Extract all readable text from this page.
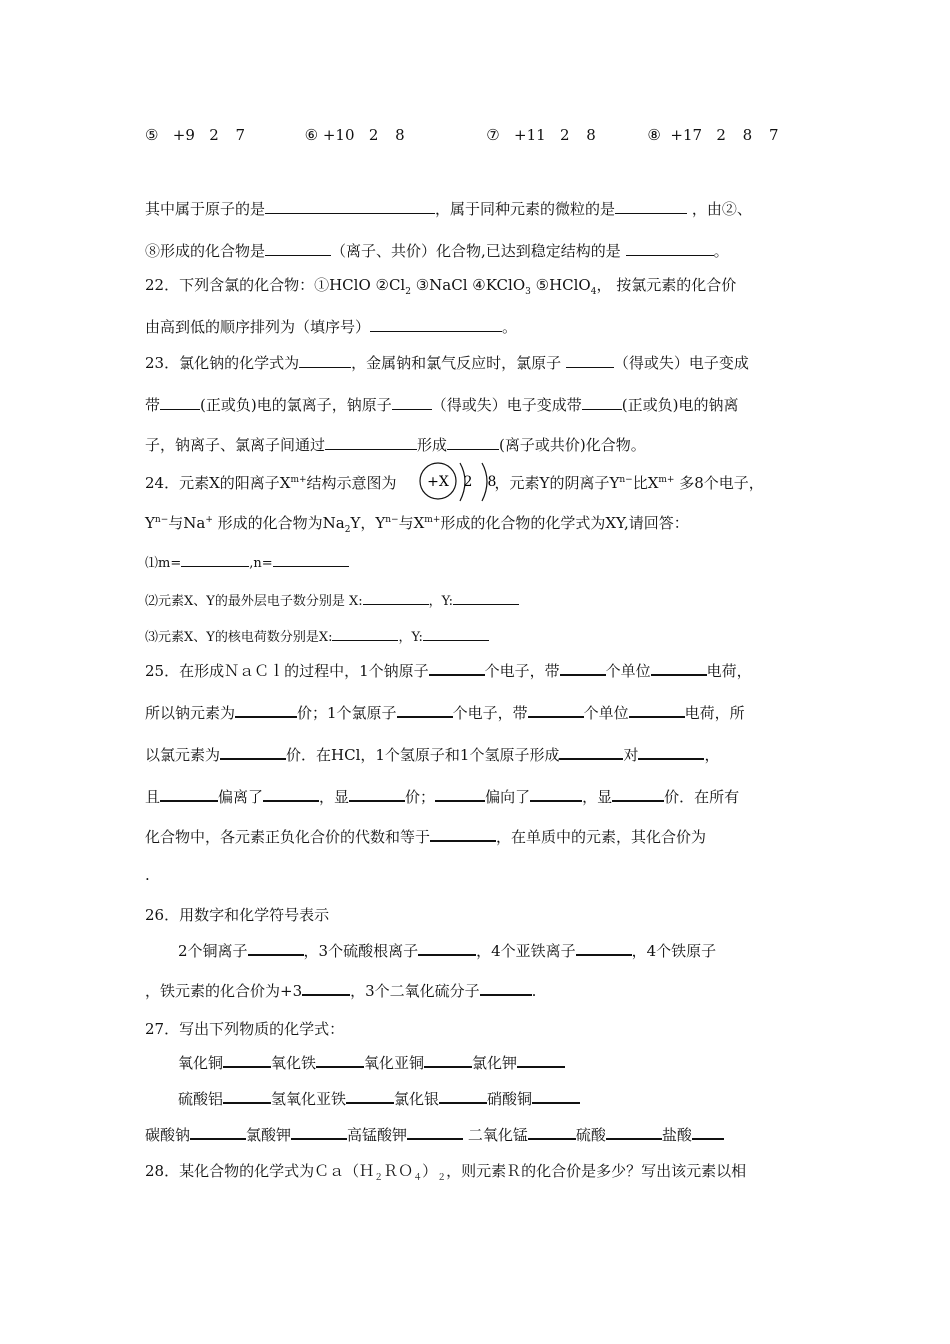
⑤ +9 2 7	⑥ +10 2 8	⑦ +11 2 8	⑧ +17 2 8 7
其中属于原子的是	，属于同种元素的微粒的是	，由②、
⑧形成的化合物是	（离子、共价）化合物,已达到稳定结构的是	。
22．下列含氯的化合物：①HClO $②Cl_2$ ③NaCl ④KClO$_3$ ⑤HClO$_4$， 按氯元素的化合价
由高到低的顺序排列为（填序号）	。
23．氯化钠的化学式为	，金属钠和氯气反应时，氯原子	（得或失）电子变成
带	(正或负)电的氯离子，钠原子	（得或失）电子变成带	(正或负)电的钠离
子，钠离子、氯离子间通过	形成	(离子或共价)化合物。
24．元素X的阳离子$X^{m+}$结构示意图为	，元素Y的阴离子$Y^{n-}$比$X^{m+}$ 多8个电子，
+X 2 8
$Y^{n-}$与Na+ 形成的化合物为$Na_2Y$，$Y^{n-}$与$X^{m+}$形成的化合物的化学式为XY,请回答：
⑴m=	,n=
⑵元素X、Y的最外层电子数分别是 X:	，Y:
⑶元素X、Y的核电荷数分别是X:	，Y:
25．在形成ＮａＣｌ的过程中，1个钠原子	个电子，带	个单位	电荷，
所以钠元素为	价；1个氯原子	个电子，带	个单位	电荷，所
以氯元素为	价．在HCl，1个氢原子和1个氢原子形成	对	，
且	偏离了	，显	价；	偏向了	，显	价．在所有
化合物中，各元素正负化合价的代数和等于	，在单质中的元素，其化合价为
.
26．用数字和化学符号表示
2个铜离子	，3个硫酸根离子	，4个亚铁离子	，4个铁原子
，铁元素的化合价为+3	，3个二氧化硫分子	.
27．写出下列物质的化学式：
氧化铜	氧化铁	氧化亚铜	氯化钾
硫酸铝	氢氧化亚铁	氯化银	硝酸铜
碳酸钠	氯酸钾	高锰酸钾	二氧化锰	硫酸	盐酸
28．某化合物的化学式为$Ca(H_2RO_4)_2$，则元素Ｒ的化合价是多少？写出该元素以相
